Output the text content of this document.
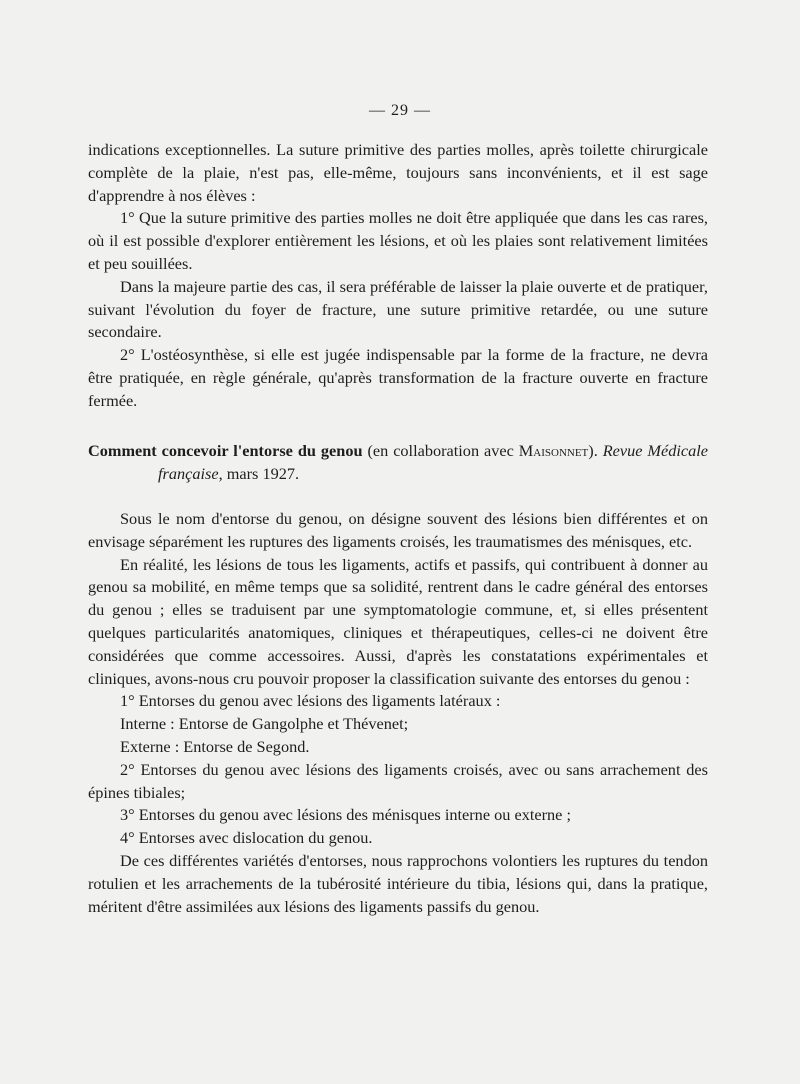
— 29 —

indications exceptionnelles. La suture primitive des parties molles, après toilette chirurgicale complète de la plaie, n'est pas, elle-même, toujours sans inconvénients, et il est sage d'apprendre à nos élèves :

1° Que la suture primitive des parties molles ne doit être appliquée que dans les cas rares, où il est possible d'explorer entièrement les lésions, et où les plaies sont relativement limitées et peu souillées.

Dans la majeure partie des cas, il sera préférable de laisser la plaie ouverte et de pratiquer, suivant l'évolution du foyer de fracture, une suture primitive retardée, ou une suture secondaire.

2° L'ostéosynthèse, si elle est jugée indispensable par la forme de la fracture, ne devra être pratiquée, en règle générale, qu'après transformation de la fracture ouverte en fracture fermée.

Comment concevoir l'entorse du genou (en collaboration avec Maisonnet). Revue Médicale française, mars 1927.

Sous le nom d'entorse du genou, on désigne souvent des lésions bien différentes et on envisage séparément les ruptures des ligaments croisés, les traumatismes des ménisques, etc.

En réalité, les lésions de tous les ligaments, actifs et passifs, qui contribuent à donner au genou sa mobilité, en même temps que sa solidité, rentrent dans le cadre général des entorses du genou ; elles se traduisent par une symptomatologie commune, et, si elles présentent quelques particularités anatomiques, cliniques et thérapeutiques, celles-ci ne doivent être considérées que comme accessoires. Aussi, d'après les constatations expérimentales et cliniques, avons-nous cru pouvoir proposer la classification suivante des entorses du genou :

1° Entorses du genou avec lésions des ligaments latéraux :

Interne : Entorse de Gangolphe et Thévenet;

Externe : Entorse de Segond.

2° Entorses du genou avec lésions des ligaments croisés, avec ou sans arrachement des épines tibiales;

3° Entorses du genou avec lésions des ménisques interne ou externe ;

4° Entorses avec dislocation du genou.

De ces différentes variétés d'entorses, nous rapprochons volontiers les ruptures du tendon rotulien et les arrachements de la tubérosité intérieure du tibia, lésions qui, dans la pratique, méritent d'être assimilées aux lésions des ligaments passifs du genou.
